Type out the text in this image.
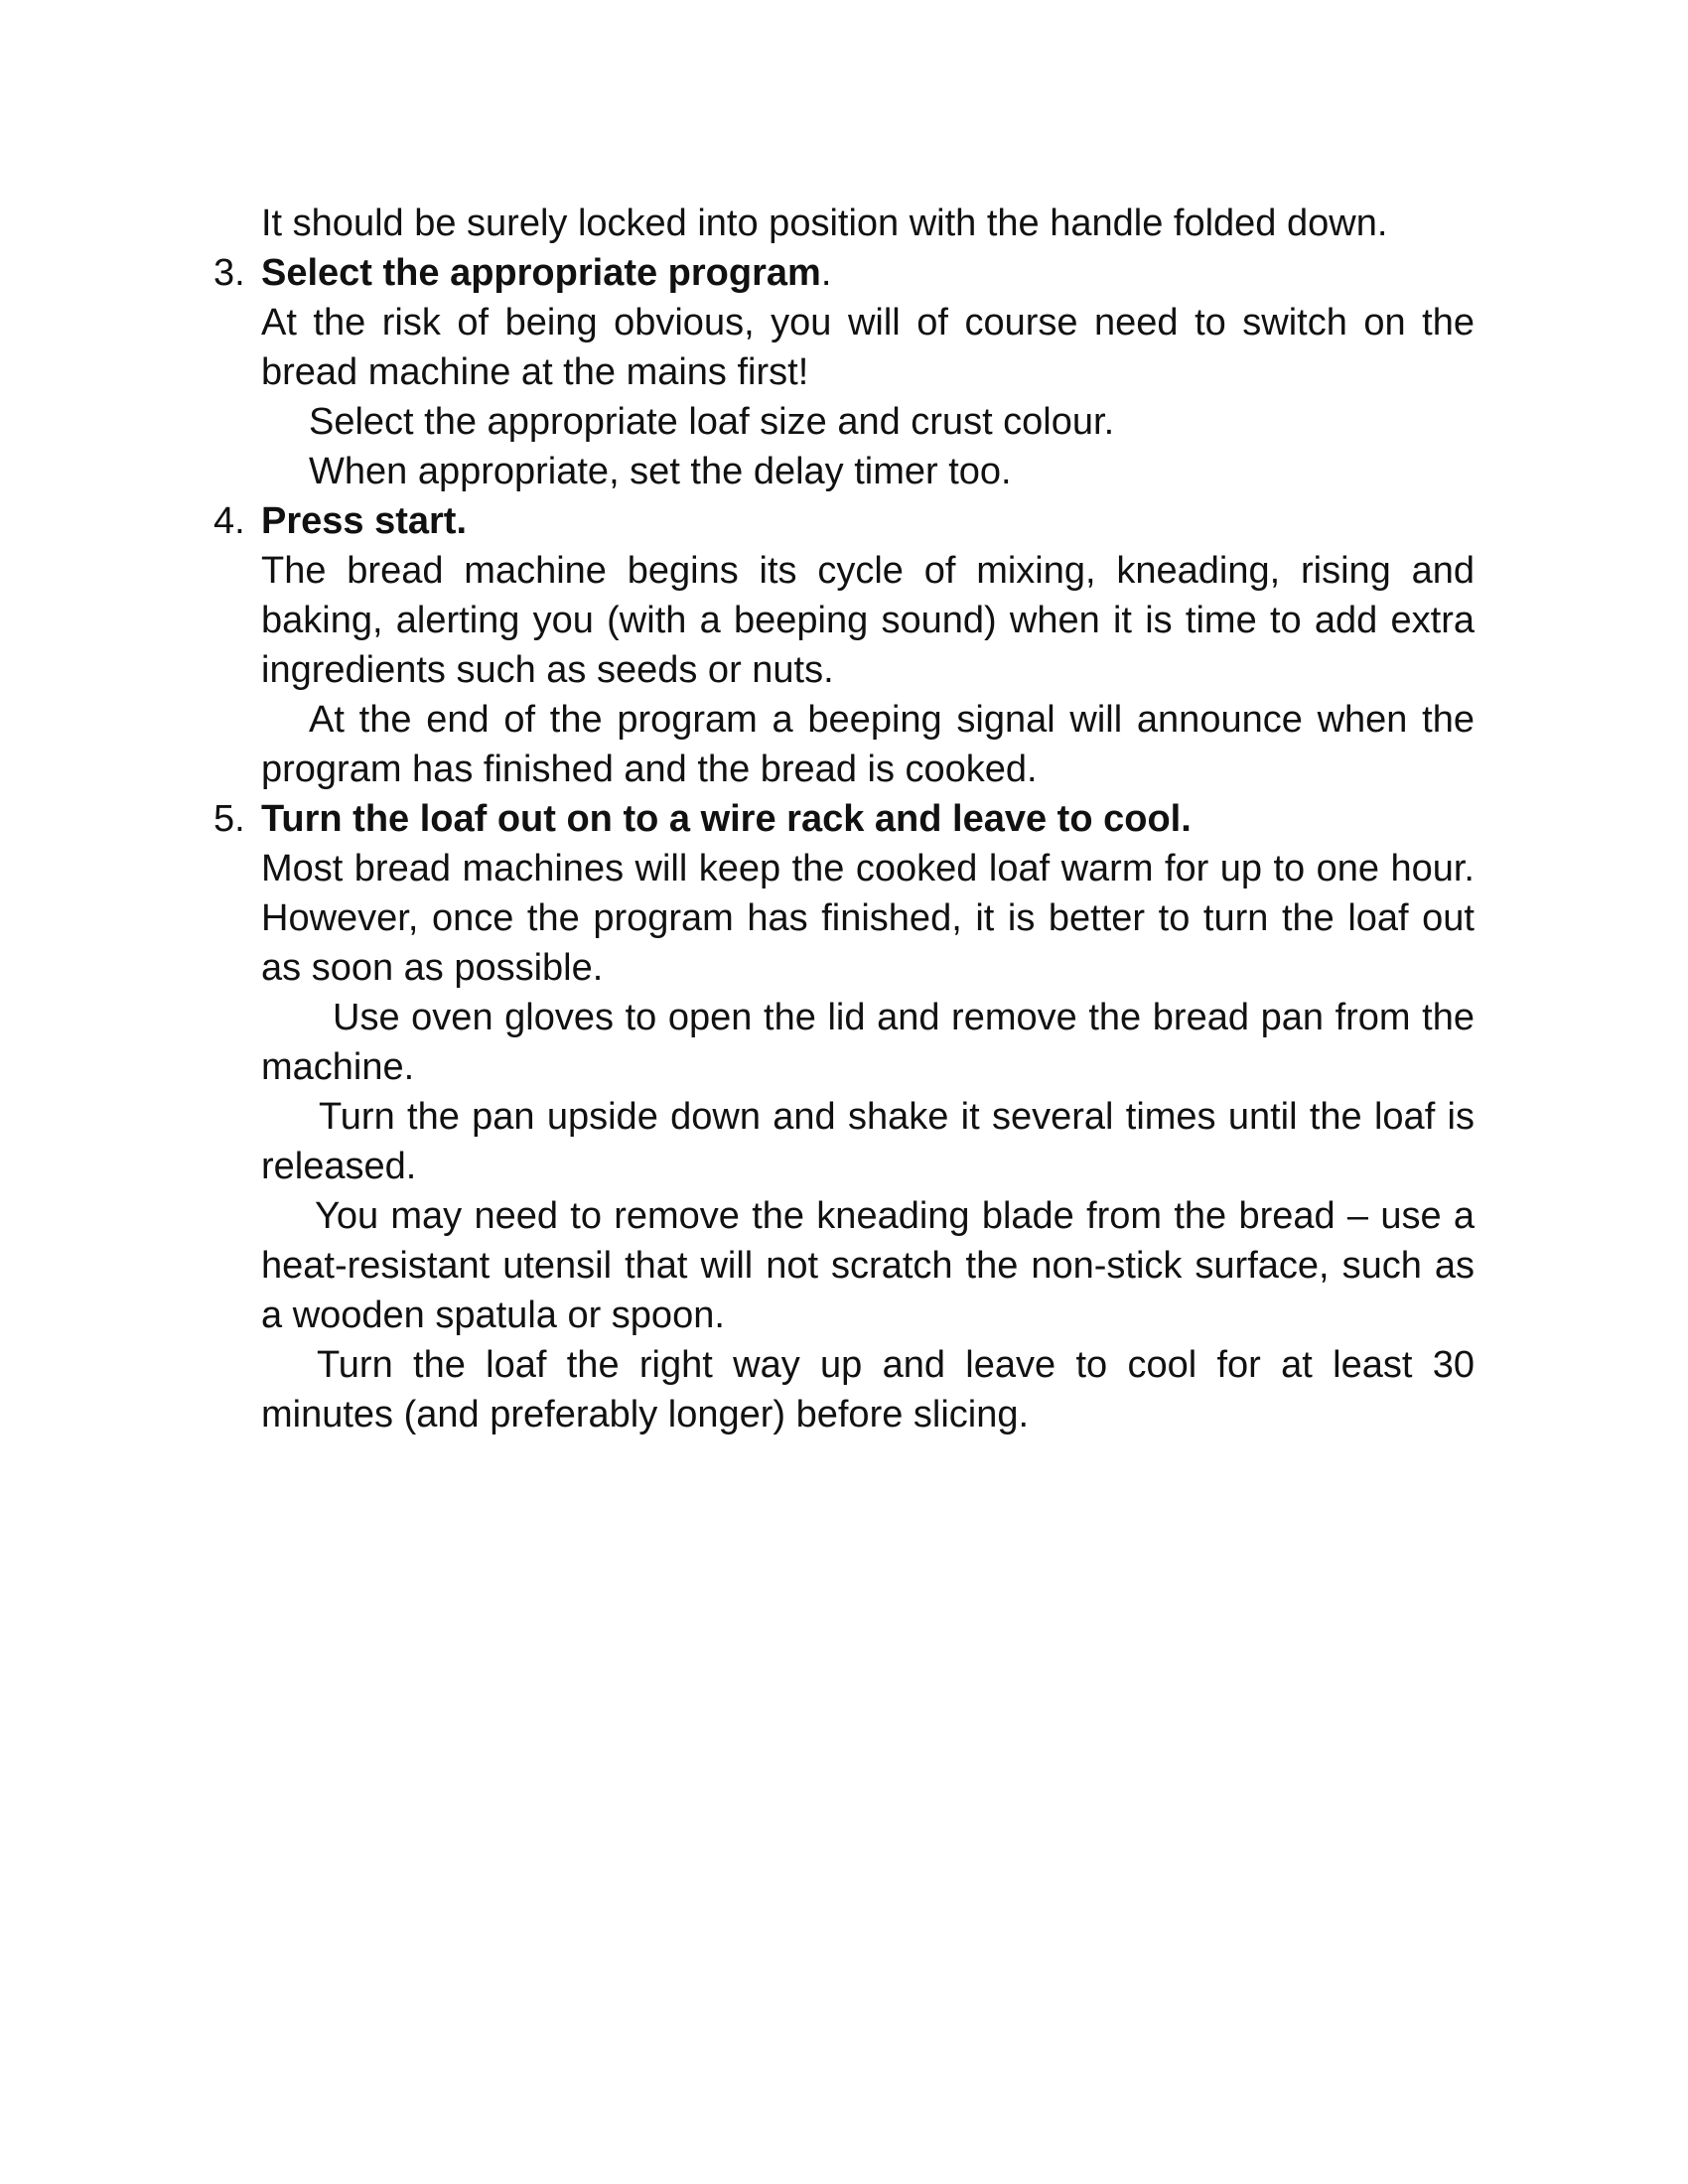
It should be surely locked into position with the handle folded down.

3. Select the appropriate program.

At the risk of being obvious, you will of course need to switch on the bread machine at the mains first!

Select the appropriate loaf size and crust colour.

When appropriate, set the delay timer too.

4. Press start.

The bread machine begins its cycle of mixing, kneading, rising and baking, alerting you (with a beeping sound) when it is time to add extra ingredients such as seeds or nuts.

At the end of the program a beeping signal will announce when the program has finished and the bread is cooked.

5. Turn the loaf out on to a wire rack and leave to cool.

Most bread machines will keep the cooked loaf warm for up to one hour. However, once the program has finished, it is better to turn the loaf out as soon as possible.

Use oven gloves to open the lid and remove the bread pan from the machine.

Turn the pan upside down and shake it several times until the loaf is released.

You may need to remove the kneading blade from the bread – use a heat-resistant utensil that will not scratch the non-stick surface, such as a wooden spatula or spoon.

Turn the loaf the right way up and leave to cool for at least 30 minutes (and preferably longer) before slicing.
